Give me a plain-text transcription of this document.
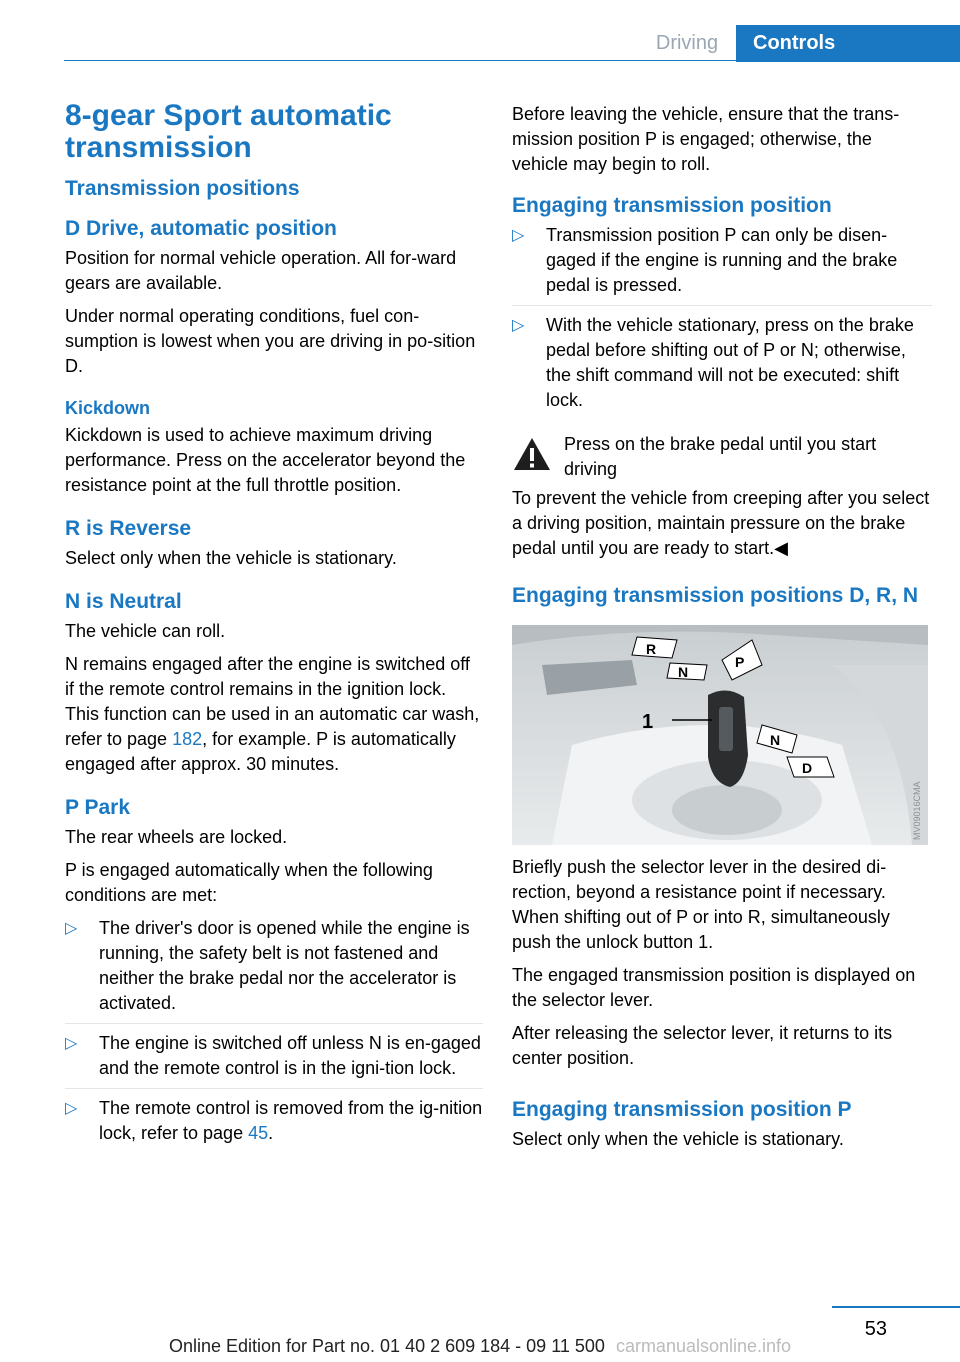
Driving	Controls
8-gear Sport automatic transmission
Transmission positions
D Drive, automatic position

Position for normal vehicle operation. All for-ward gears are available.

Under normal operating conditions, fuel con-sumption is lowest when you are driving in po-sition D.

Kickdown

Kickdown is used to achieve maximum driving performance. Press on the accelerator beyond the resistance point at the full throttle position.

R is Reverse

Select only when the vehicle is stationary.

N is Neutral

The vehicle can roll.

N remains engaged after the engine is switched off if the remote control remains in the ignition lock. This function can be used in an automatic car wash, refer to page 182, for example. P is automatically engaged after approx. 30 minutes.

P Park

The rear wheels are locked.

P is engaged automatically when the following conditions are met:

▷ The driver's door is opened while the engine is running, the safety belt is not fastened and neither the brake pedal nor the accelerator is activated.
▷ The engine is switched off unless N is en-gaged and the remote control is in the igni-tion lock.
▷ The remote control is removed from the ig-nition lock, refer to page 45.

Before leaving the vehicle, ensure that the trans-mission position P is engaged; otherwise, the vehicle may begin to roll.

Engaging transmission position
▷ Transmission position P can only be disen-gaged if the engine is running and the brake pedal is pressed.
▷ With the vehicle stationary, press on the brake pedal before shifting out of P or N; otherwise, the shift command will not be executed: shift lock.

Press on the brake pedal until you start driving

To prevent the vehicle from creeping after you select a driving position, maintain pressure on the brake pedal until you are ready to start.◀

Engaging transmission positions D, R, N
1
R
N
P
N
D
MV09016CMA

Briefly push the selector lever in the desired di-rection, beyond a resistance point if necessary. When shifting out of P or into R, simultaneously push the unlock button 1.

The engaged transmission position is displayed on the selector lever.

After releasing the selector lever, it returns to its center position.

Engaging transmission position P

Select only when the vehicle is stationary.

53
Online Edition for Part no. 01 40 2 609 184 - 09 11 500 carmanualsonline.info
